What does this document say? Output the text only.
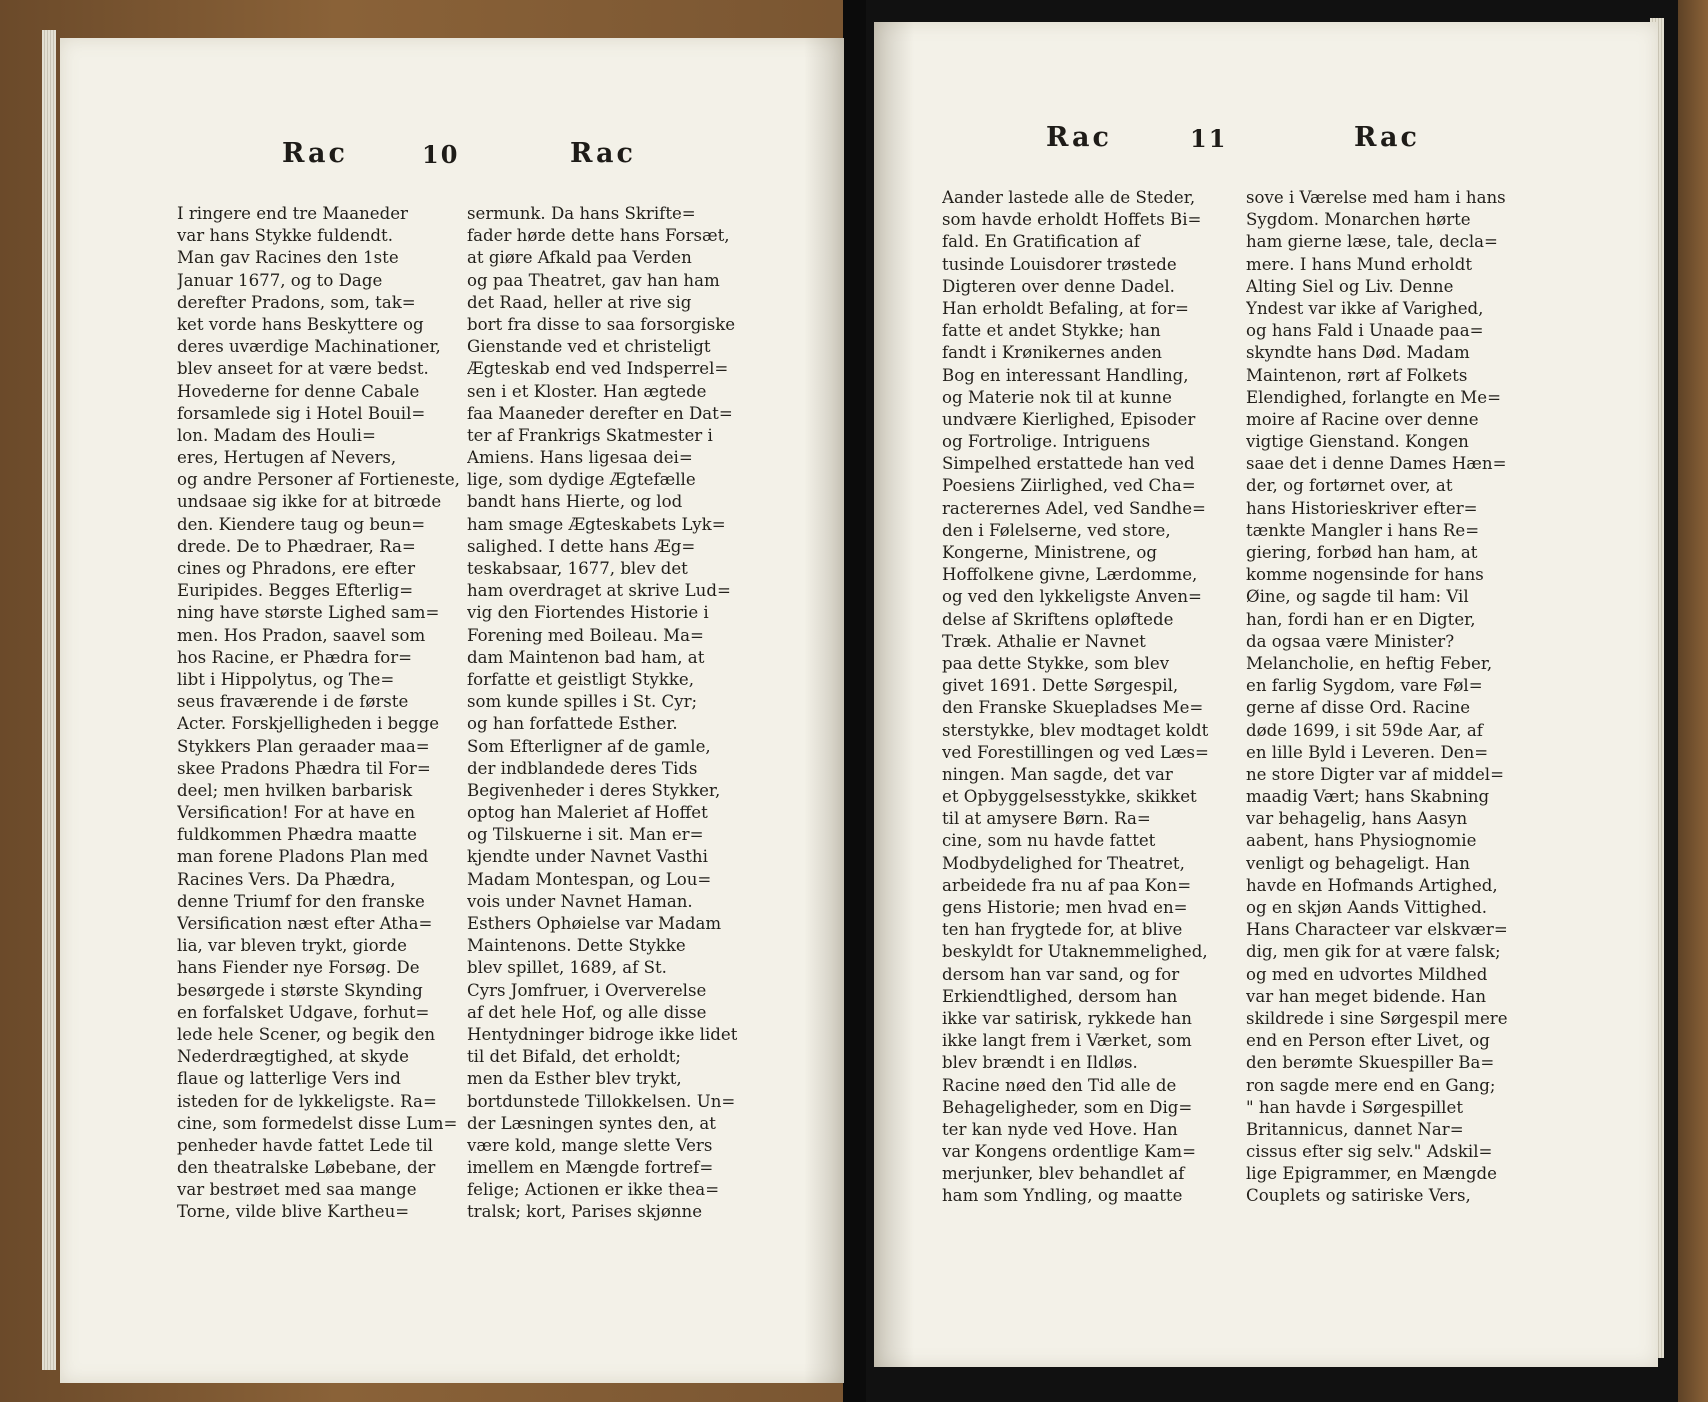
Rac	10	Rac
I ringere end tre Maaneder
var hans Stykke fuldendt.
Man gav Racines den 1ste
Januar 1677, og to Dage
derefter Pradons, som, tak=
ket vorde hans Beskyttere og
deres uværdige Machinationer,
blev anseet for at være bedst.
Hovederne for denne Cabale
forsamlede sig i Hotel Bouil=
lon. Madam des Houli=
eres, Hertugen af Nevers,
og andre Personer af Fortieneste,
undsaae sig ikke for at bitrœde
den. Kiendere taug og beun=
drede. De to Phædraer, Ra=
cines og Phradons, ere efter
Euripides. Begges Efterlig=
ning have største Lighed sam=
men. Hos Pradon, saavel som
hos Racine, er Phædra for=
libt i Hippolytus, og The=
seus fraværende i de første
Acter. Forskjelligheden i begge
Stykkers Plan geraader maa=
skee Pradons Phædra til For=
deel; men hvilken barbarisk
Versification! For at have en
fuldkommen Phædra maatte
man forene Pladons Plan med
Racines Vers. Da Phædra,
denne Triumf for den franske
Versification næst efter Atha=
lia, var bleven trykt, giorde
hans Fiender nye Forsøg. De
besørgede i største Skynding
en forfalsket Udgave, forhut=
lede hele Scener, og begik den
Nederdrægtighed, at skyde
flaue og latterlige Vers ind
isteden for de lykkeligste. Ra=
cine, som formedelst disse Lum=
penheder havde fattet Lede til
den theatralske Løbebane, der
var bestrøet med saa mange
Torne, vilde blive Kartheu=
sermunk. Da hans Skrifte=
fader hørde dette hans Forsæt,
at giøre Afkald paa Verden
og paa Theatret, gav han ham
det Raad, heller at rive sig
bort fra disse to saa forsorgiske
Gienstande ved et christeligt
Ægteskab end ved Indsperrel=
sen i et Kloster. Han ægtede
faa Maaneder derefter en Dat=
ter af Frankrigs Skatmester i
Amiens. Hans ligesaa dei=
lige, som dydige Ægtefælle
bandt hans Hierte, og lod
ham smage Ægteskabets Lyk=
salighed. I dette hans Æg=
teskabsaar, 1677, blev det
ham overdraget at skrive Lud=
vig den Fiortendes Historie i
Forening med Boileau. Ma=
dam Maintenon bad ham, at
forfatte et geistligt Stykke,
som kunde spilles i St. Cyr;
og han forfattede Esther.
Som Efterligner af de gamle,
der indblandede deres Tids
Begivenheder i deres Stykker,
optog han Maleriet af Hoffet
og Tilskuerne i sit. Man er=
kjendte under Navnet Vasthi
Madam Montespan, og Lou=
vois under Navnet Haman.
Esthers Ophøielse var Madam
Maintenons. Dette Stykke
blev spillet, 1689, af St.
Cyrs Jomfruer, i Oververelse
af det hele Hof, og alle disse
Hentydninger bidroge ikke lidet
til det Bifald, det erholdt;
men da Esther blev trykt,
bortdunstede Tillokkelsen. Un=
der Læsningen syntes den, at
være kold, mange slette Vers
imellem en Mængde fortref=
felige; Actionen er ikke thea=
tralsk; kort, Parises skjønne
Rac	11	Rac
Aander lastede alle de Steder,
som havde erholdt Hoffets Bi=
fald. En Gratification af
tusinde Louisdorer trøstede
Digteren over denne Dadel.
Han erholdt Befaling, at for=
fatte et andet Stykke; han
fandt i Krønikernes anden
Bog en interessant Handling,
og Materie nok til at kunne
undvære Kierlighed, Episoder
og Fortrolige. Intriguens
Simpelhed erstattede han ved
Poesiens Ziirlighed, ved Cha=
racterernes Adel, ved Sandhe=
den i Følelserne, ved store,
Kongerne, Ministrene, og
Hoffolkene givne, Lærdomme,
og ved den lykkeligste Anven=
delse af Skriftens opløftede
Træk. Athalie er Navnet
paa dette Stykke, som blev
givet 1691. Dette Sørgespil,
den Franske Skuepladses Me=
sterstykke, blev modtaget koldt
ved Forestillingen og ved Læs=
ningen. Man sagde, det var
et Opbyggelsesstykke, skikket
til at amysere Børn. Ra=
cine, som nu havde fattet
Modbydelighed for Theatret,
arbeidede fra nu af paa Kon=
gens Historie; men hvad en=
ten han frygtede for, at blive
beskyldt for Utaknemmelighed,
dersom han var sand, og for
Erkiendtlighed, dersom han
ikke var satirisk, rykkede han
ikke langt frem i Værket, som
blev brændt i en Ildløs.
Racine nøed den Tid alle de
Behageligheder, som en Dig=
ter kan nyde ved Hove. Han
var Kongens ordentlige Kam=
merjunker, blev behandlet af
ham som Yndling, og maatte
sove i Værelse med ham i hans
Sygdom. Monarchen hørte
ham gierne læse, tale, decla=
mere. I hans Mund erholdt
Alting Siel og Liv. Denne
Yndest var ikke af Varighed,
og hans Fald i Unaade paa=
skyndte hans Død. Madam
Maintenon, rørt af Folkets
Elendighed, forlangte en Me=
moire af Racine over denne
vigtige Gienstand. Kongen
saae det i denne Dames Hæn=
der, og fortørnet over, at
hans Historieskriver efter=
tænkte Mangler i hans Re=
giering, forbød han ham, at
komme nogensinde for hans
Øine, og sagde til ham: Vil
han, fordi han er en Digter,
da ogsaa være Minister?
Melancholie, en heftig Feber,
en farlig Sygdom, vare Føl=
gerne af disse Ord. Racine
døde 1699, i sit 59de Aar, af
en lille Byld i Leveren. Den=
ne store Digter var af middel=
maadig Vært; hans Skabning
var behagelig, hans Aasyn
aabent, hans Physiognomie
venligt og behageligt. Han
havde en Hofmands Artighed,
og en skjøn Aands Vittighed.
Hans Characteer var elskvær=
dig, men gik for at være falsk;
og med en udvortes Mildhed
var han meget bidende. Han
skildrede i sine Sørgespil mere
end en Person efter Livet, og
den berømte Skuespiller Ba=
ron sagde mere end en Gang;
" han havde i Sørgespillet
Britannicus, dannet Nar=
cissus efter sig selv." Adskil=
lige Epigrammer, en Mængde
Couplets og satiriske Vers,
